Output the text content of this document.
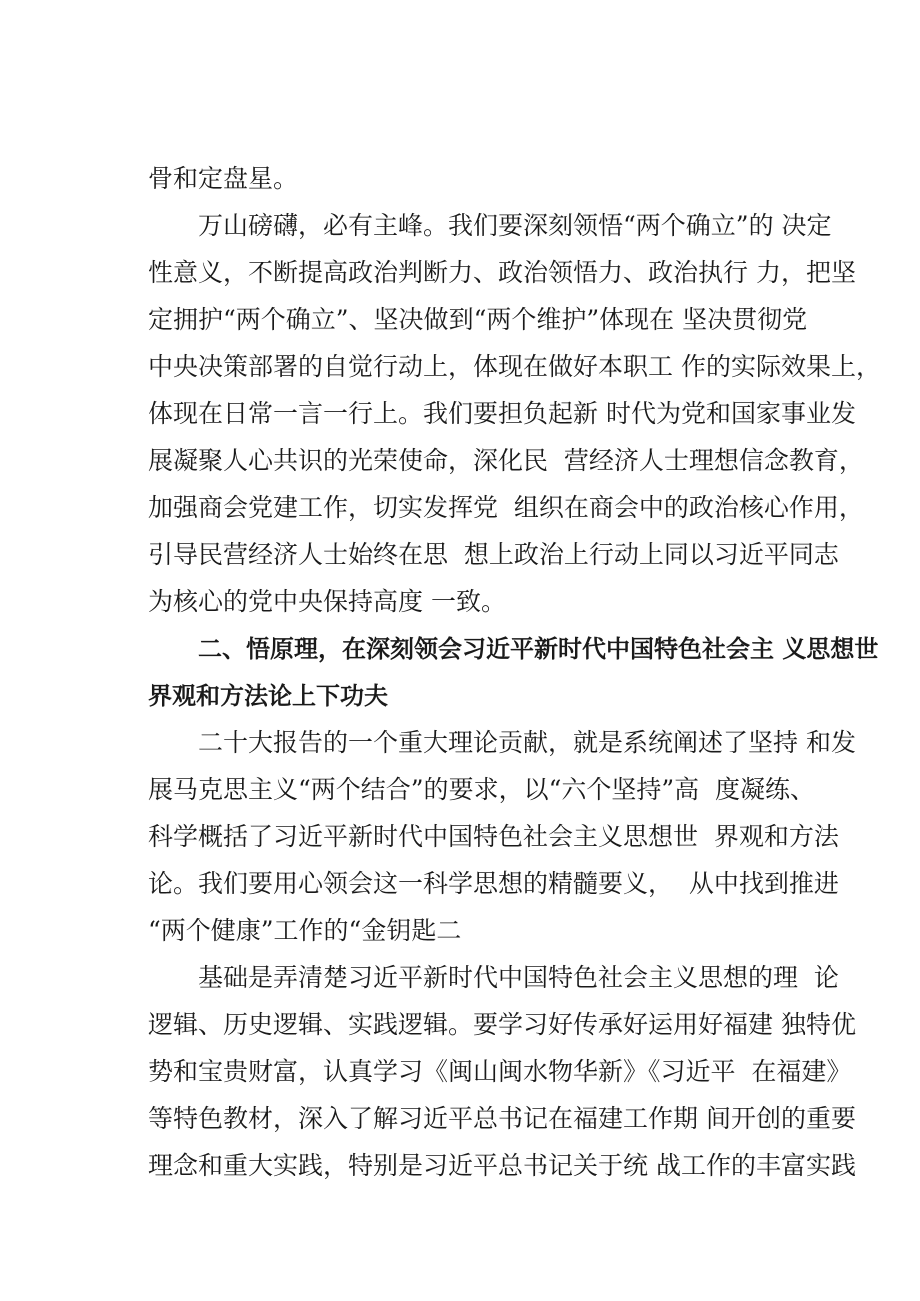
骨和定盘星。
万山磅礴，必有主峰。我们要深刻领悟“两个确立”的 决定
性意义，不断提高政治判断力、政治领悟力、政治执行 力，把坚
定拥护“两个确立”、坚决做到“两个维护”体现在 坚决贯彻党
中央决策部署的自觉行动上，体现在做好本职工 作的实际效果上，
体现在日常一言一行上。我们要担负起新 时代为党和国家事业发
展凝聚人心共识的光荣使命，深化民  营经济人士理想信念教育，
加强商会党建工作，切实发挥党  组织在商会中的政治核心作用，
引导民营经济人士始终在思  想上政治上行动上同以习近平同志
为核心的党中央保持高度 一致。
二、悟原理，在深刻领会习近平新时代中国特色社会主 义思想世
界观和方法论上下功夫
二十大报告的一个重大理论贡献，就是系统阐述了坚持 和发
展马克思主义“两个结合”的要求，以“六个坚持”高  度凝练、
科学概括了习近平新时代中国特色社会主义思想世  界观和方法
论。我们要用心领会这一科学思想的精髓要义，  从中找到推进
“两个健康”工作的“金钥匙二
基础是弄清楚习近平新时代中国特色社会主义思想的理  论
逻辑、历史逻辑、实践逻辑。要学习好传承好运用好福建 独特优
势和宝贵财富，认真学习《闽山闽水物华新》《习近平  在福建》
等特色教材，深入了解习近平总书记在福建工作期 间开创的重要
理念和重大实践，特别是习近平总书记关于统 战工作的丰富实践
